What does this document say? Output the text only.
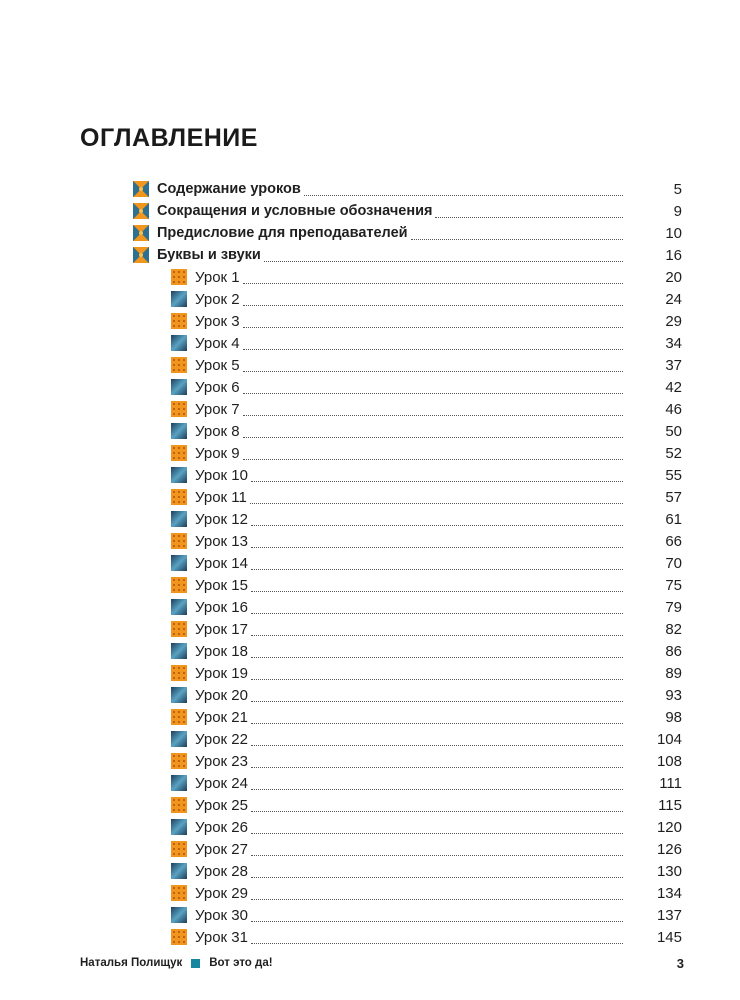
ОГЛАВЛЕНИЕ
Содержание уроков	5
Сокращения и условные обозначения	9
Предисловие для преподавателей	10
Буквы и звуки	16
Урок 1	20
Урок 2	24
Урок 3	29
Урок 4	34
Урок 5	37
Урок 6	42
Урок 7	46
Урок 8	50
Урок 9	52
Урок 10	55
Урок 11	57
Урок 12	61
Урок 13	66
Урок 14	70
Урок 15	75
Урок 16	79
Урок 17	82
Урок 18	86
Урок 19	89
Урок 20	93
Урок 21	98
Урок 22	104
Урок 23	108
Урок 24	111
Урок 25	115
Урок 26	120
Урок 27	126
Урок 28	130
Урок 29	134
Урок 30	137
Урок 31	145
Наталья Полищук Вот это да!	3
